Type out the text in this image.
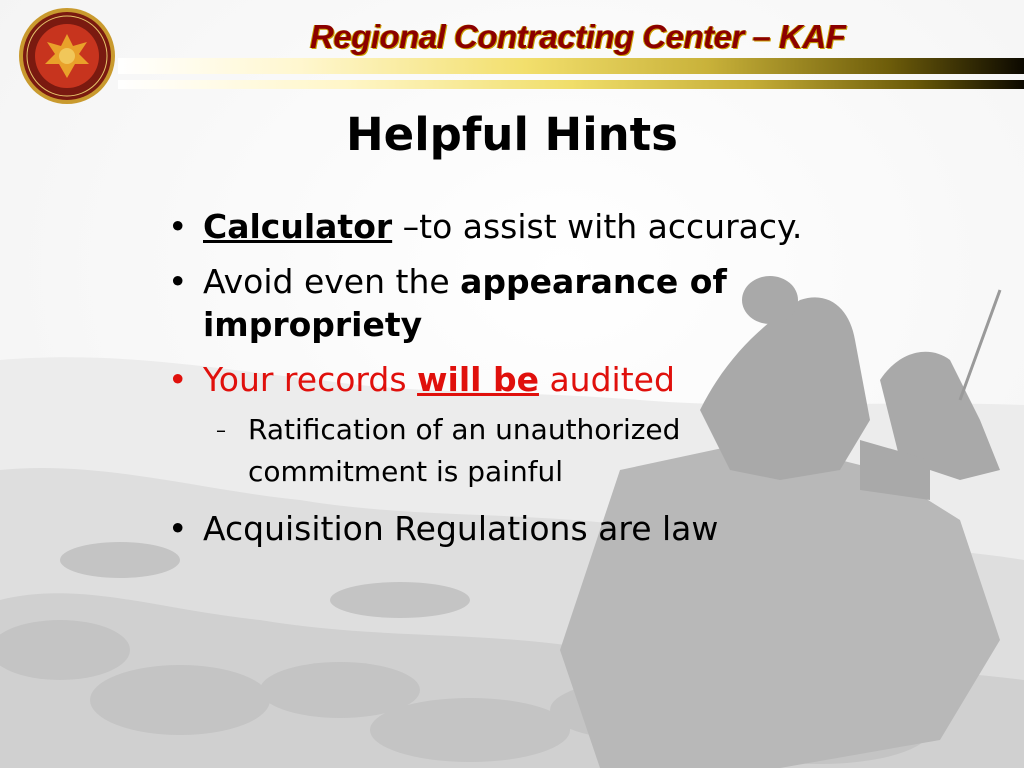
Regional Contracting Center – KAF
Helpful Hints
• Calculator –to assist with accuracy.
• Avoid even the appearance of impropriety
• Your records will be audited
– Ratification of an unauthorized commitment is painful
• Acquisition Regulations are law
